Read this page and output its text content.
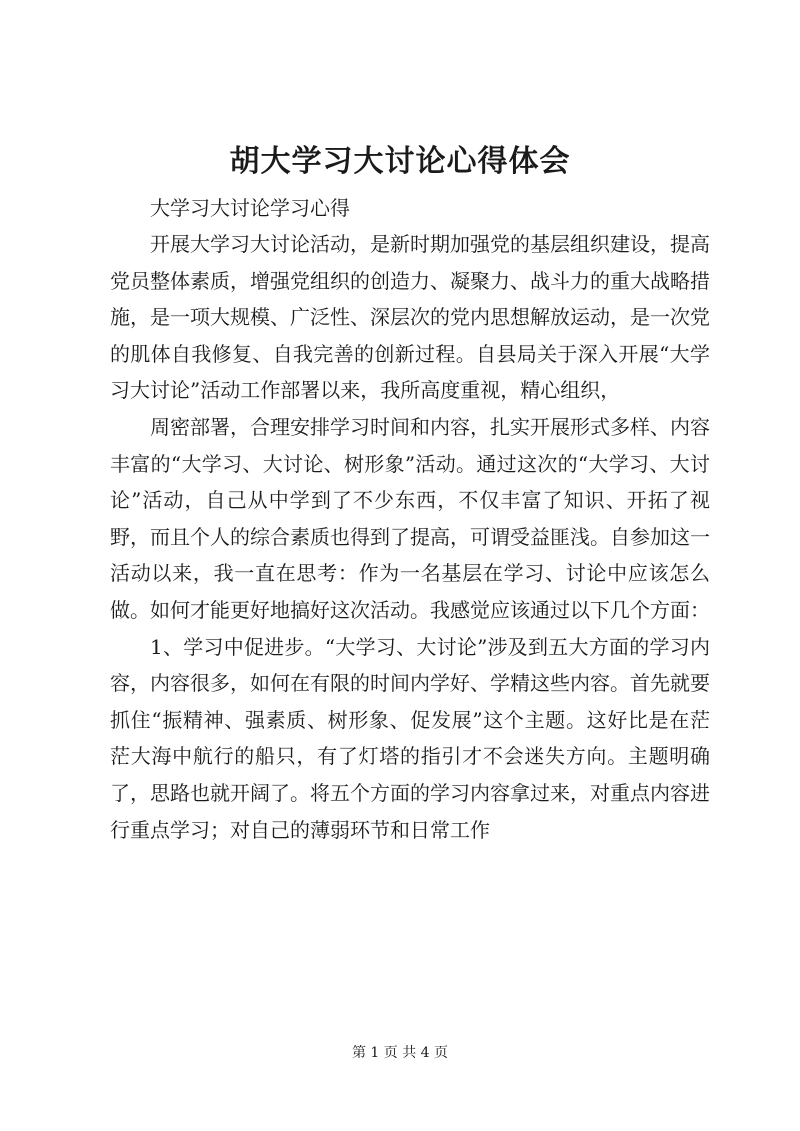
胡大学习大讨论心得体会

大学习大讨论学习心得

开展大学习大讨论活动，是新时期加强党的基层组织建设，提高党员整体素质，增强党组织的创造力、凝聚力、战斗力的重大战略措施，是一项大规模、广泛性、深层次的党内思想解放运动，是一次党的肌体自我修复、自我完善的创新过程。自县局关于深入开展“大学习大讨论”活动工作部署以来，我所高度重视，精心组织，

周密部署，合理安排学习时间和内容，扎实开展形式多样、内容丰富的“大学习、大讨论、树形象”活动。通过这次的“大学习、大讨论”活动，自己从中学到了不少东西，不仅丰富了知识、开拓了视野，而且个人的综合素质也得到了提高，可谓受益匪浅。自参加这一活动以来，我一直在思考：作为一名基层在学习、讨论中应该怎么做。如何才能更好地搞好这次活动。我感觉应该通过以下几个方面：

1、学习中促进步。“大学习、大讨论”涉及到五大方面的学习内容，内容很多，如何在有限的时间内学好、学精这些内容。首先就要抓住“振精神、强素质、树形象、促发展”这个主题。这好比是在茫茫大海中航行的船只，有了灯塔的指引才不会迷失方向。主题明确了，思路也就开阔了。将五个方面的学习内容拿过来，对重点内容进行重点学习；对自己的薄弱环节和日常工作

第 1 页 共 4 页
